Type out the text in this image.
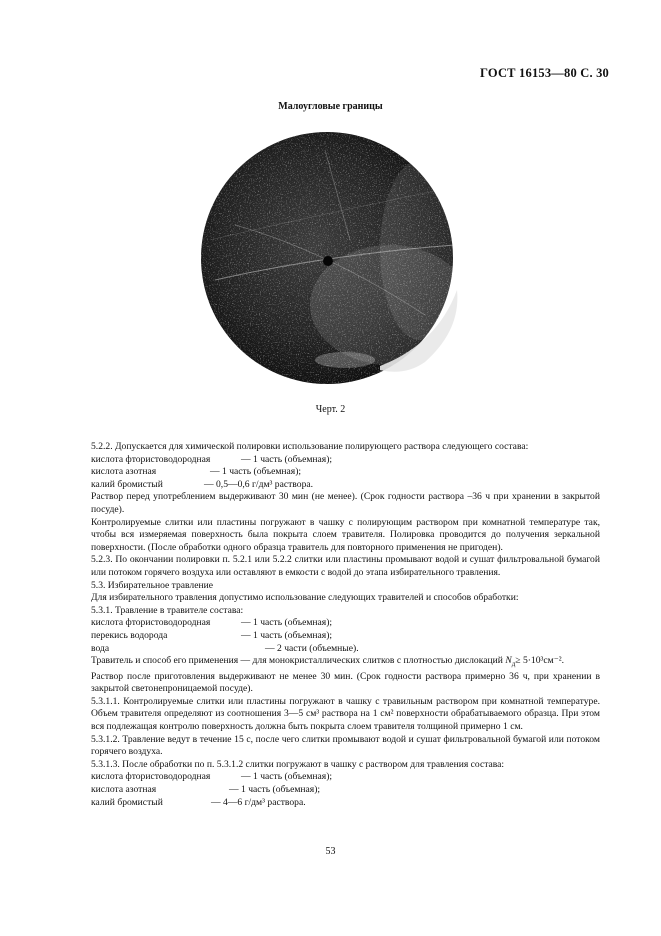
ГОСТ 16153—80 С. 30
Малоугловые границы
Черт. 2

5.2.2. Допускается для химической полировки использование полирующего раствора следующего состава:

кислота фтористоводородная	— 1 часть (объемная);
кислота азотная	— 1 часть (объемная);
калий бромистый	— 0,5—0,6 г/дм³ раствора.

Раствор перед употреблением выдерживают 30 мин (не менее). (Срок годности раствора –36 ч при хранении в закрытой посуде).

Контролируемые слитки или пластины погружают в чашку с полирующим раствором при комнатной температуре так, чтобы вся измеряемая поверхность была покрыта слоем травителя. Полировка проводится до получения зеркальной поверхности. (После обработки одного образца травитель для повторного применения не пригоден).

5.2.3. По окончании полировки п. 5.2.1 или 5.2.2 слитки или пластины промывают водой и сушат фильтровальной бумагой или потоком горячего воздуха или оставляют в емкости с водой до этапа избирательного травления.

5.3. Избирательное травление

Для избирательного травления допустимо использование следующих травителей и способов обработки:

5.3.1. Травление в травителе состава:

кислота фтористоводородная	— 1 часть (объемная);
перекись водорода	— 1 часть (объемная);
вода	— 2 части (объемные).

Травитель и способ его применения — для монокристаллических слитков с плотностью дислокаций $N_д\ge 5\cdot 10^3см^{-2}$.

Раствор после приготовления выдерживают не менее 30 мин. (Срок годности раствора примерно 36 ч, при хранении в закрытой светонепроницаемой посуде).

5.3.1.1. Контролируемые слитки или пластины погружают в чашку с травильным раствором при комнатной температуре. Объем травителя определяют из соотношения 3—5 см³ раствора на 1 см² поверхности обрабатываемого образца. При этом вся подлежащая контролю поверхность должна быть покрыта слоем травителя толщиной примерно 1 см.

5.3.1.2. Травление ведут в течение 15 с, после чего слитки промывают водой и сушат фильтровальной бумагой или потоком горячего воздуха.

5.3.1.3. После обработки по п. 5.3.1.2 слитки погружают в чашку с раствором для травления состава:

кислота фтористоводородная	— 1 часть (объемная);
кислота азотная	— 1 часть (объемная);
калий бромистый	— 4—6 г/дм³ раствора.
53
